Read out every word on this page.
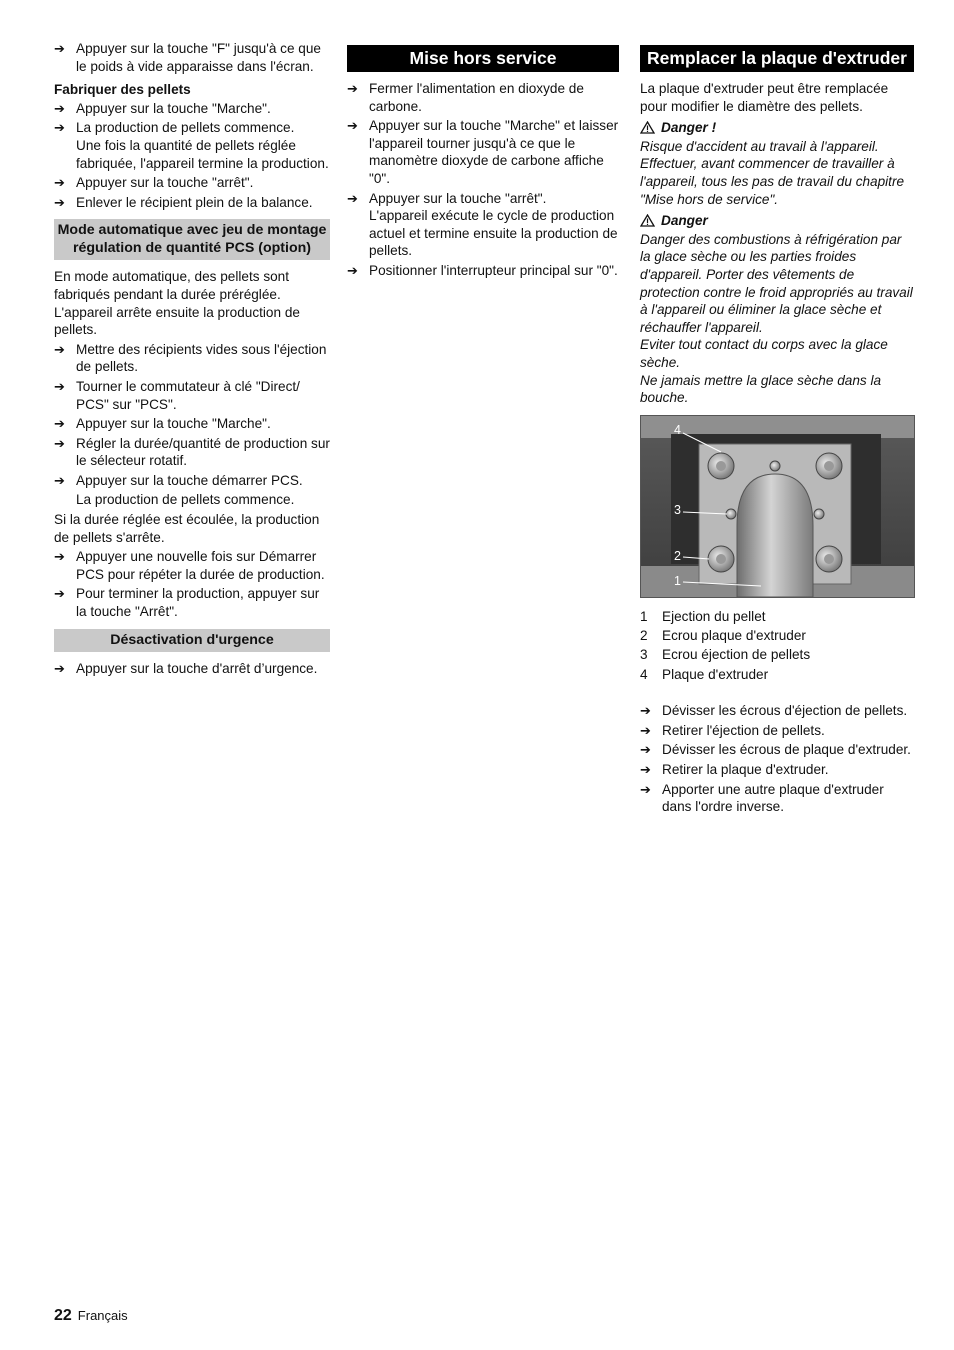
➔ Appuyer sur la touche "F" jusqu'à ce que le poids à vide apparaisse dans l'écran.
Fabriquer des pellets
➔ Appuyer sur la touche "Marche".
➔ La production de pellets commence.
Une fois la quantité de pellets réglée fabriquée, l'appareil termine la production.
➔ Appuyer sur la touche "arrêt".
➔ Enlever le récipient plein de la balance.
Mode automatique avec jeu de montage régulation de quantité PCS (option)

En mode automatique, des pellets sont fabriqués pendant la durée préréglée. L'appareil arrête ensuite la production de pellets.

➔ Mettre des récipients vides sous l'éjection de pellets.
➔ Tourner le commutateur à clé "Direct/ PCS" sur "PCS".
➔ Appuyer sur la touche "Marche".
➔ Régler la durée/quantité de production sur le sélecteur rotatif.
➔ Appuyer sur la touche démarrer PCS.
La production de pellets commence.

Si la durée réglée est écoulée, la production de pellets s'arrête.

➔ Appuyer une nouvelle fois sur Démarrer PCS pour répéter la durée de production.
➔ Pour terminer la production, appuyer sur la touche "Arrêt".
Désactivation d'urgence
➔ Appuyer sur la touche d'arrêt d’urgence.
Mise hors service
➔ Fermer l'alimentation en dioxyde de carbone.
➔ Appuyer sur la touche "Marche" et laisser l'appareil tourner jusqu'à ce que le manomètre dioxyde de carbone affiche "0".
➔ Appuyer sur la touche "arrêt".
L'appareil exécute le cycle de production actuel et termine ensuite la production de pellets.
➔ Positionner l'interrupteur principal sur "0".
Remplacer la plaque d'extruder

La plaque d'extruder peut être remplacée pour modifier le diamètre des pellets.

Danger !

Risque d'accident au travail à l'appareil. Effectuer, avant commencer de travailler à l'appareil, tous les pas de travail du chapitre "Mise hors de service".

Danger

Danger des combustions à réfrigération par la glace sèche ou les parties froides d'appareil. Porter des vêtements de protection contre le froid appropriés au travail à l'appareil ou éliminer la glace sèche et réchauffer l'appareil.

Eviter tout contact du corps avec la glace sèche.

Ne jamais mettre la glace sèche dans la bouche.

4
3
2
1
1	Ejection du pellet
2	Ecrou plaque d'extruder
3	Ecrou éjection de pellets
4	Plaque d'extruder
➔ Dévisser les écrous d'éjection de pellets.
➔ Retirer l'éjection de pellets.
➔ Dévisser les écrous de plaque d'extruder.
➔ Retirer la plaque d'extruder.
➔ Apporter une autre plaque d'extruder dans l'ordre inverse.
22 Français
